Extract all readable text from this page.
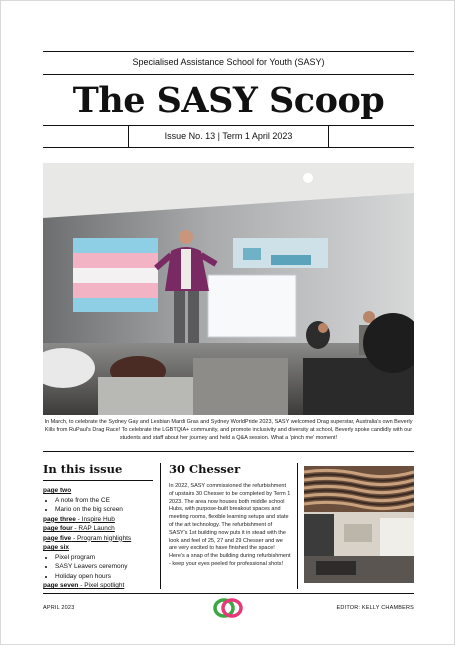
Specialised Assistance School for Youth (SASY)
The SASY Scoop
Issue No. 13 | Term 1 April 2023
In March, to celebrate the Sydney Gay and Lesbian Mardi Gras and Sydney WorldPride 2023, SASY welcomed Drag superstar, Australia's own Beverly Kills from RuPaul's Drag Race! To celebrate the LGBTQIA+ community, and promote inclusivity and diversity at school, Beverly spoke candidly with our students and staff about her journey and held a Q&A session. What a 'pinch me' moment!
In this issue
page two
• A note from the CE
• Mario on the big screen
page three - Inspire Hub
page four - RAP Launch
page five - Program highlights
page six
• Pixel program
• SASY Leavers ceremony
• Holiday open hours
page seven - Pixel spotlight
30 Chesser
In 2022, SASY commissioned the refurbishment of upstairs 30 Chesser to be completed by Term 1 2023. The area now houses both middle school Hubs, with purpose-built breakout spaces and meeting rooms, flexible learning setups and state of the art technology. The refurbishment of SASY's 1st building now puts it in stead with the look and feel of 25, 27 and 29 Chesser and we are very excited to have finished the space! Here's a snap of the building during refurbishment - keep your eyes peeled for professional shots!
APRIL 2023	EDITOR: KELLY CHAMBERS
